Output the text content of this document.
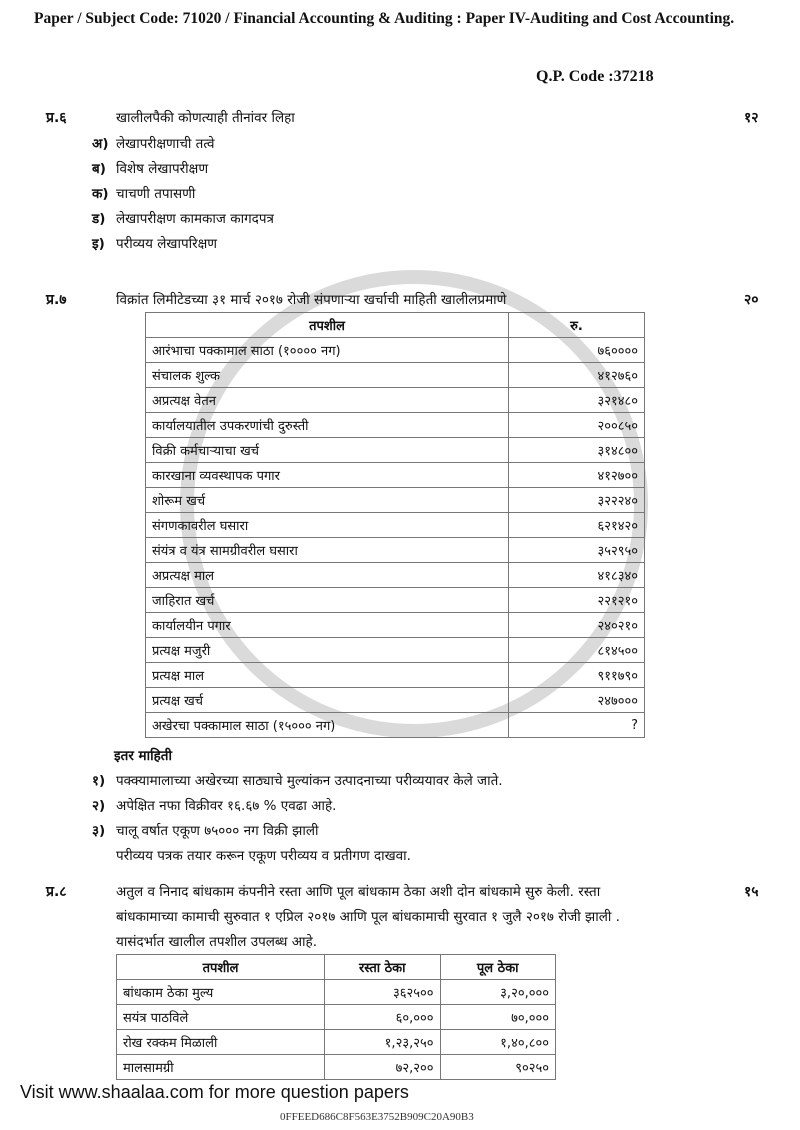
Paper / Subject Code: 71020 / Financial Accounting & Auditing : Paper IV-Auditing and Cost Accounting.
Q.P. Code :37218
प्र.६	खालीलपैकी कोणत्याही तीनांवर लिहा	१२
अ) लेखापरीक्षणाची तत्वे
ब) विशेष लेखापरीक्षण
क) चाचणी तपासणी
ड) लेखापरीक्षण कामकाज कागदपत्र
इ) परीव्यय लेखापरिक्षण
प्र.७	विक्रांत लिमीटेडच्या ३१ मार्च २०१७ रोजी संपणाऱ्या खर्चाची माहिती खालीलप्रमाणे	२०
तपशील	रु.
आरंभाचा पक्कामाल साठा (१०००० नग)	७६००००
संचालक शुल्क	४१२७६०
अप्रत्यक्ष वेतन	३२१४८०
कार्यालयातील उपकरणांची दुरुस्ती	२००८५०
विक्री कर्मचाऱ्याचा खर्च	३१४८००
कारखाना व्यवस्थापक पगार	४१२७००
शोरूम खर्च	३२२२४०
संगणकावरील घसारा	६२१४२०
संयंत्र व यंत्र सामग्रीवरील घसारा	३५२९५०
अप्रत्यक्ष माल	४१८३४०
जाहिरात खर्च	२२१२१०
कार्यालयीन पगार	२४०२१०
प्रत्यक्ष मजुरी	८१४५००
प्रत्यक्ष माल	९११७९०
प्रत्यक्ष खर्च	२४७०००
अखेरचा पक्कामाल साठा (१५००० नग)	?
इतर माहिती
१) पक्क्यामालाच्या अखेरच्या साठ्याचे मुल्यांकन उत्पादनाच्या परीव्ययावर केले जाते.
२) अपेक्षित नफा विक्रीवर १६.६७ % एवढा आहे.
३) चालू वर्षात एकूण ७५००० नग विक्री झाली
परीव्यय पत्रक तयार करून एकूण परीव्यय व प्रतीगण दाखवा.
प्र.८	अतुल व निनाद बांधकाम कंपनीने रस्ता आणि पूल बांधकाम ठेका अशी दोन बांधकामे सुरु केली. रस्ता
बांधकामाच्या कामाची सुरुवात १ एप्रिल २०१७ आणि पूल बांधकामाची सुरवात १ जुलै २०१७ रोजी झाली .
यासंदर्भात खालील तपशील उपलब्ध आहे.
१५
तपशील	रस्ता ठेका	पूल ठेका
बांधकाम ठेका मुल्य	३६२५००	३,२०,०००
सयंत्र पाठविले	६०,०००	७०,०००
रोख रक्कम मिळाली	१,२३,२५०	१,४०,८००
मालसामग्री	७२,२००	९०२५०
Visit www.shaalaa.com for more question papers
0FFEED686C8F563E3752B909C20A90B3
